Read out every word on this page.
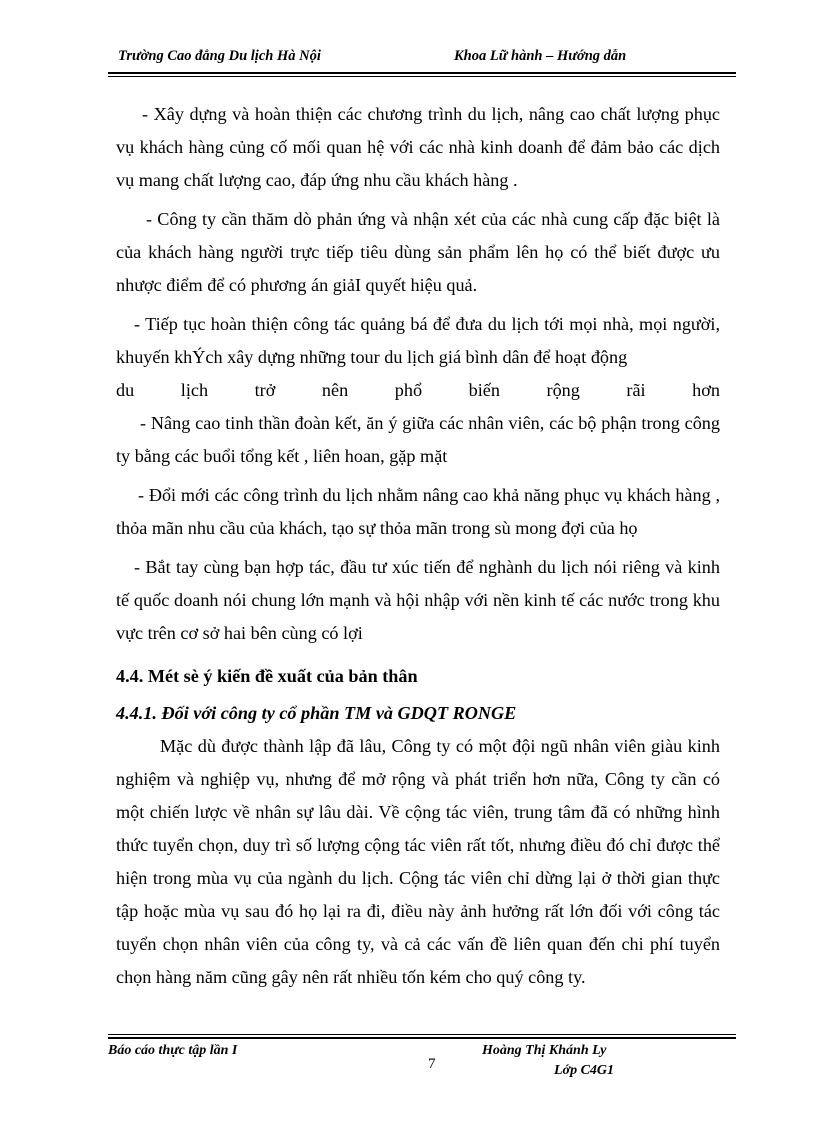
Trường Cao đẳng Du lịch Hà Nội	Khoa Lữ hành – Hướng dẫn

- Xây dựng và hoàn thiện các chương trình du lịch, nâng cao chất lượng phục vụ khách hàng củng cố mối quan hệ với các nhà kinh doanh để đảm bảo các dịch vụ mang chất lượng cao, đáp ứng nhu cầu khách hàng .

- Công ty cần thăm dò phản ứng và nhận xét của các nhà cung cấp đặc biệt là của khách hàng người trực tiếp tiêu dùng sản phẩm lên họ có thể biết được ưu nhược điểm để có phương án giảI quyết hiệu quả.

- Tiếp tục hoàn thiện công tác quảng bá để đưa du lịch tới mọi nhà, mọi người, khuyến khÝch xây dựng những tour du lịch giá bình dân để hoạt động

du lịch trở nên phổ biến rộng rãi hơn

- Nâng cao tinh thần đoàn kết, ăn ý giữa các nhân viên, các bộ phận trong công ty bằng các buổi tổng kết , liên hoan, gặp mặt

- Đổi mới các công trình du lịch nhằm nâng cao khả năng phục vụ khách hàng , thỏa mãn nhu cầu của khách, tạo sự thỏa mãn trong sù mong đợi của họ

- Bắt tay cùng bạn hợp tác, đầu tư xúc tiến để nghành du lịch nói riêng và kinh tế quốc doanh nói chung lớn mạnh và hội nhập với nền kinh tế các nước trong khu vực trên cơ sở hai bên cùng có lợi

4.4. Mét sè ý kiến đề xuất của bản thân

4.4.1. Đối với công ty cổ phần TM và GDQT RONGE

Mặc dù được thành lập đã lâu, Công ty có một đội ngũ nhân viên giàu kinh nghiệm và nghiệp vụ, nhưng để mở rộng và phát triển hơn nữa, Công ty cần có một chiến lược về nhân sự lâu dài. Về cộng tác viên, trung tâm đã có những hình thức tuyển chọn, duy trì số lượng cộng tác viên rất tốt, nhưng điều đó chỉ được thể hiện trong mùa vụ của ngành du lịch. Cộng tác viên chỉ dừng lại ở thời gian thực tập hoặc mùa vụ sau đó họ lại ra đi, điều này ảnh hưởng rất lớn đối với công tác tuyển chọn nhân viên của công ty, và cả các vấn đề liên quan đến chi phí tuyển chọn hàng năm cũng gây nên rất nhiều tốn kém cho quý công ty.

Báo cáo thực tập lần I
7
Hoàng Thị Khánh Ly
Lớp C4G1
